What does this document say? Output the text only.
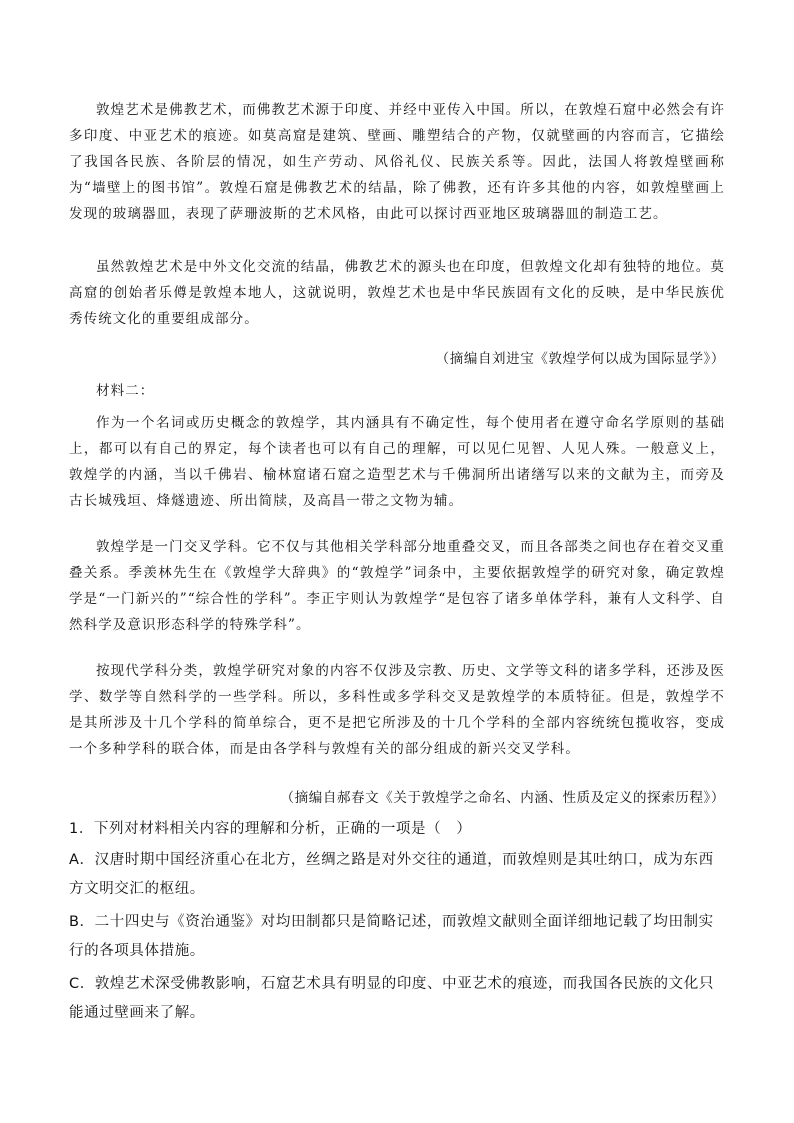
敦煌艺术是佛教艺术，而佛教艺术源于印度、并经中亚传入中国。所以，在敦煌石窟中必然会有许多印度、中亚艺术的痕迹。如莫高窟是建筑、壁画、雕塑结合的产物，仅就壁画的内容而言，它描绘了我国各民族、各阶层的情况，如生产劳动、风俗礼仪、民族关系等。因此，法国人将敦煌壁画称为“墙壁上的图书馆”。敦煌石窟是佛教艺术的结晶，除了佛教，还有许多其他的内容，如敦煌壁画上发现的玻璃器皿，表现了萨珊波斯的艺术风格，由此可以探讨西亚地区玻璃器皿的制造工艺。

虽然敦煌艺术是中外文化交流的结晶，佛教艺术的源头也在印度，但敦煌文化却有独特的地位。莫高窟的创始者乐僔是敦煌本地人，这就说明，敦煌艺术也是中华民族固有文化的反映，是中华民族优秀传统文化的重要组成部分。

（摘编自刘进宝《敦煌学何以成为国际显学》）

材料二：

作为一个名词或历史概念的敦煌学，其内涵具有不确定性，每个使用者在遵守命名学原则的基础上，都可以有自己的界定，每个读者也可以有自己的理解，可以见仁见智、人见人殊。一般意义上，敦煌学的内涵，当以千佛岩、榆林窟诸石窟之造型艺术与千佛洞所出诸缮写以来的文献为主，而旁及古长城残垣、烽燧遗迹、所出简牍，及高昌一带之文物为辅。

敦煌学是一门交叉学科。它不仅与其他相关学科部分地重叠交叉，而且各部类之间也存在着交叉重叠关系。季羡林先生在《敦煌学大辞典》的“敦煌学”词条中，主要依据敦煌学的研究对象，确定敦煌学是“一门新兴的”“综合性的学科”。李正宇则认为敦煌学“是包容了诸多单体学科，兼有人文科学、自然科学及意识形态科学的特殊学科”。

按现代学科分类，敦煌学研究对象的内容不仅涉及宗教、历史、文学等文科的诸多学科，还涉及医学、数学等自然科学的一些学科。所以，多科性或多学科交叉是敦煌学的本质特征。但是，敦煌学不是其所涉及十几个学科的简单综合，更不是把它所涉及的十几个学科的全部内容统统包揽收容，变成一个多种学科的联合体，而是由各学科与敦煌有关的部分组成的新兴交叉学科。

（摘编自郝春文《关于敦煌学之命名、内涵、性质及定义的探索历程》）

1．下列对材料相关内容的理解和分析，正确的一项是（　）

A．汉唐时期中国经济重心在北方，丝绸之路是对外交往的通道，而敦煌则是其吐纳口，成为东西方文明交汇的枢纽。

B．二十四史与《资治通鉴》对均田制都只是简略记述，而敦煌文献则全面详细地记载了均田制实行的各项具体措施。

C．敦煌艺术深受佛教影响，石窟艺术具有明显的印度、中亚艺术的痕迹，而我国各民族的文化只能通过壁画来了解。
